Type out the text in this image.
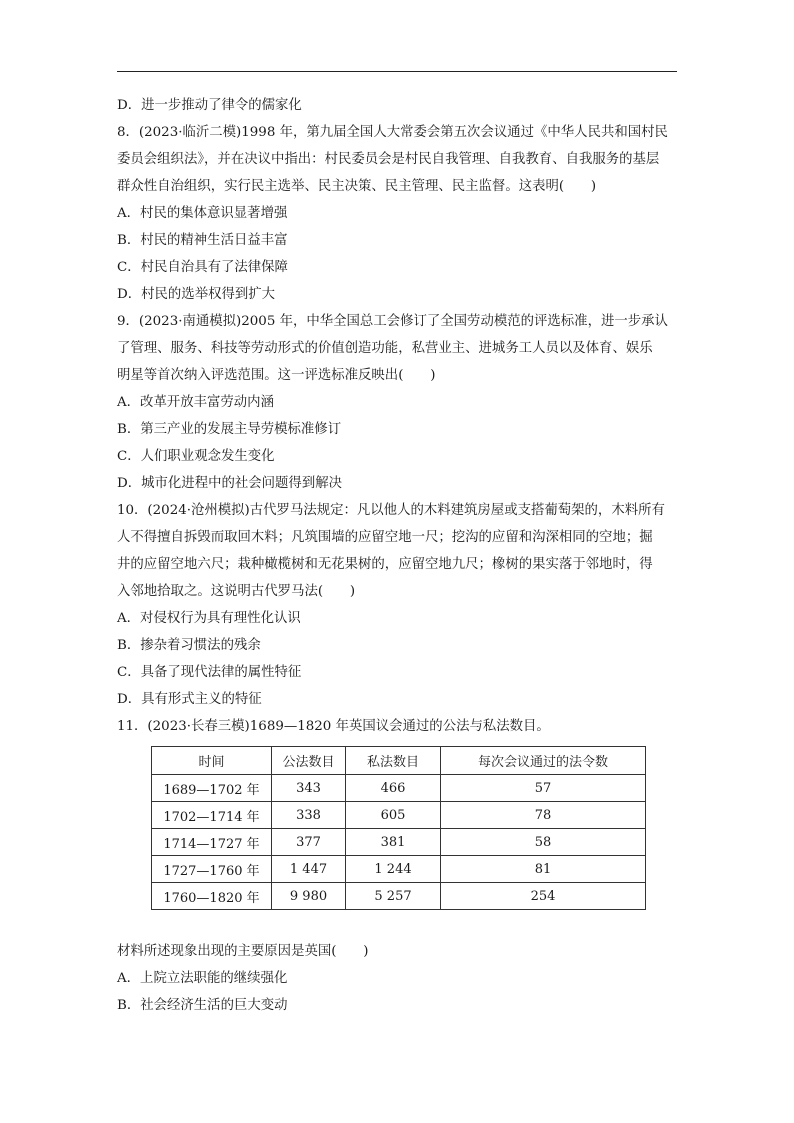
D．进一步推动了律令的儒家化
8．(2023·临沂二模)1998 年，第九届全国人大常委会第五次会议通过《中华人民共和国村民
委员会组织法》，并在决议中指出：村民委员会是村民自我管理、自我教育、自我服务的基层
群众性自治组织，实行民主选举、民主决策、民主管理、民主监督。这表明(　　)
A．村民的集体意识显著增强
B．村民的精神生活日益丰富
C．村民自治具有了法律保障
D．村民的选举权得到扩大
9．(2023·南通模拟)2005 年，中华全国总工会修订了全国劳动模范的评选标准，进一步承认
了管理、服务、科技等劳动形式的价值创造功能，私营业主、进城务工人员以及体育、娱乐
明星等首次纳入评选范围。这一评选标准反映出(　　)
A．改革开放丰富劳动内涵
B．第三产业的发展主导劳模标准修订
C．人们职业观念发生变化
D．城市化进程中的社会问题得到解决
10．(2024·沧州模拟)古代罗马法规定：凡以他人的木料建筑房屋或支搭葡萄架的，木料所有
人不得擅自拆毁而取回木料；凡筑围墙的应留空地一尺；挖沟的应留和沟深相同的空地；掘
井的应留空地六尺；栽种橄榄树和无花果树的，应留空地九尺；橡树的果实落于邻地时，得
入邻地拾取之。这说明古代罗马法(　　)
A．对侵权行为具有理性化认识
B．掺杂着习惯法的残余
C．具备了现代法律的属性特征
D．具有形式主义的特征
11．(2023·长春三模)1689—1820 年英国议会通过的公法与私法数目。
时间	公法数目	私法数目	每次会议通过的法令数
1689—1702 年	343	466	57
1702—1714 年	338	605	78
1714—1727 年	377	381	58
1727—1760 年	1 447	1 244	81
1760—1820 年	9 980	5 257	254
材料所述现象出现的主要原因是英国(　　)
A．上院立法职能的继续强化
B．社会经济生活的巨大变动
